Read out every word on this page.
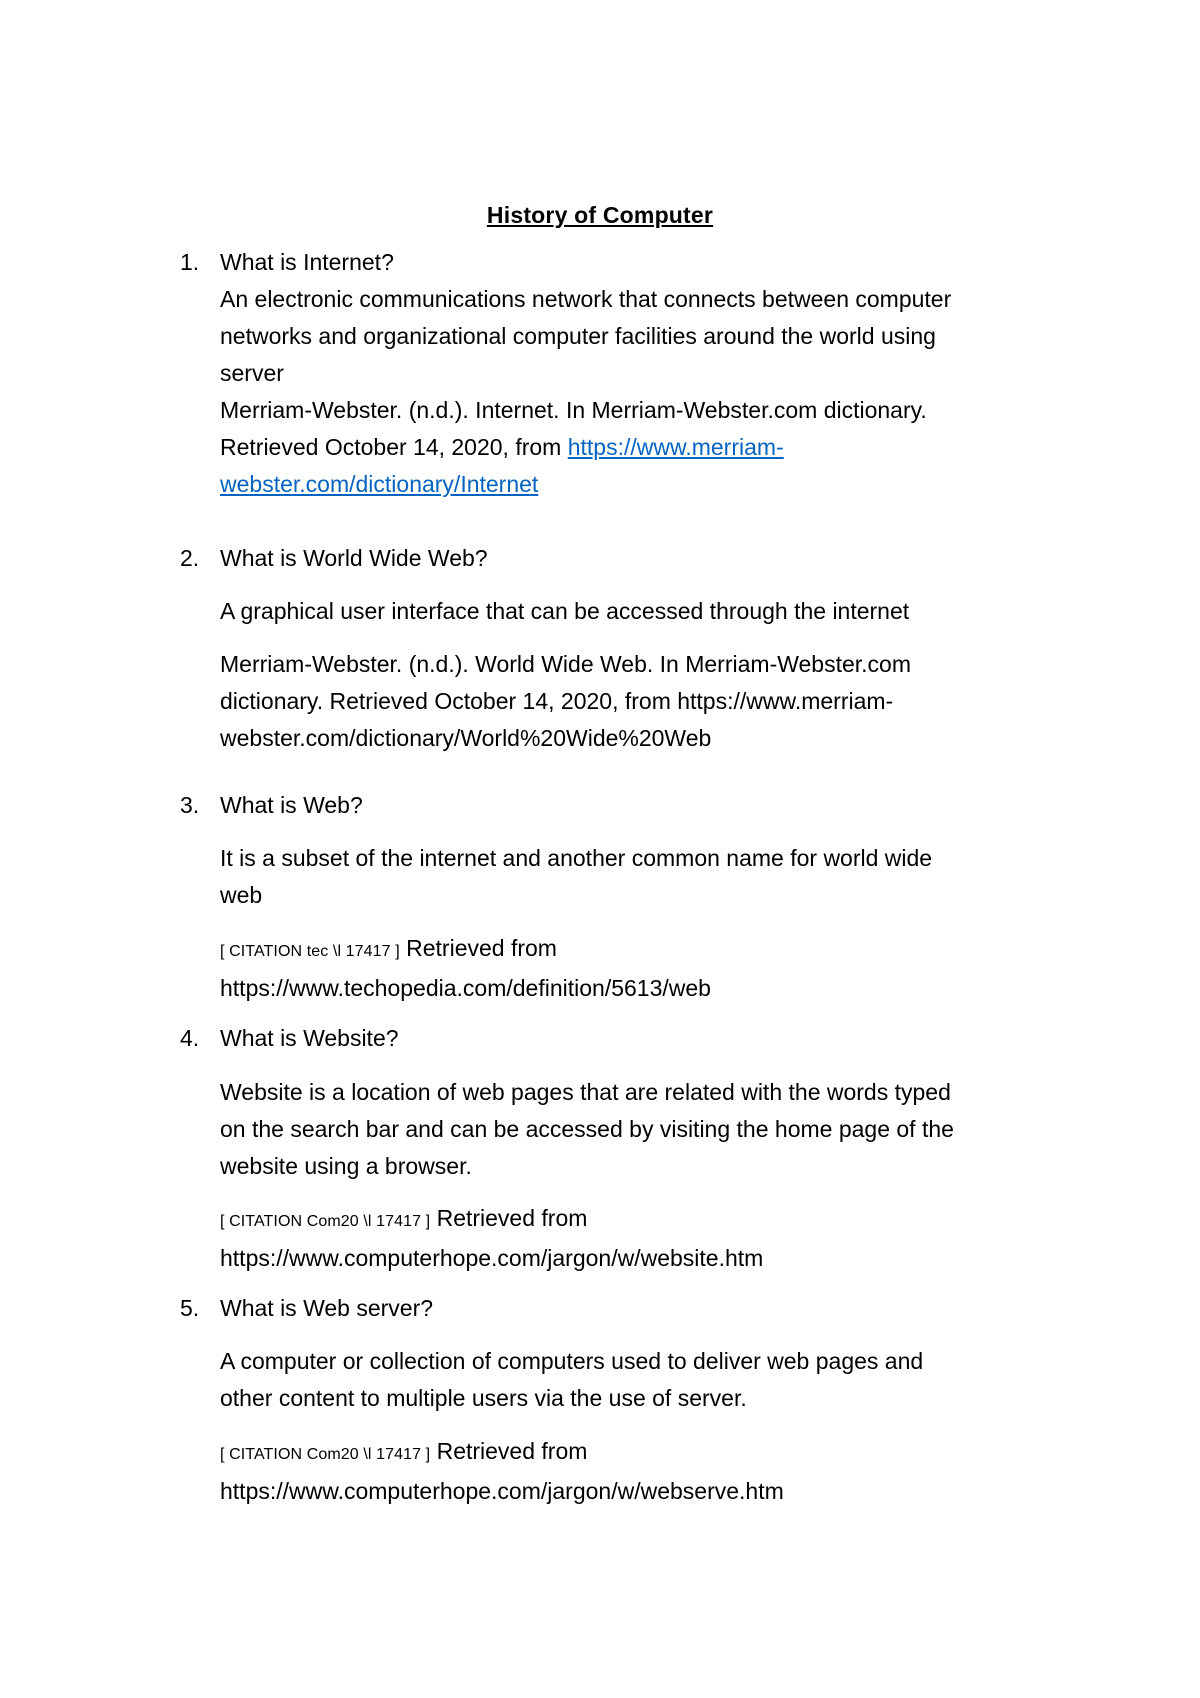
History of Computer
1. What is Internet?
An electronic communications network that connects between computer
networks and organizational computer facilities around the world using
server
Merriam-Webster. (n.d.). Internet. In Merriam-Webster.com dictionary.
Retrieved October 14, 2020, from https://www.merriam-
webster.com/dictionary/Internet
2. What is World Wide Web?
A graphical user interface that can be accessed through the internet
Merriam-Webster. (n.d.). World Wide Web. In Merriam-Webster.com
dictionary. Retrieved October 14, 2020, from https://www.merriam-
webster.com/dictionary/World%20Wide%20Web
3. What is Web?
It is a subset of the internet and another common name for world wide
web
[ CITATION tec \l 17417 ] Retrieved from
https://www.techopedia.com/definition/5613/web
4. What is Website?
Website is a location of web pages that are related with the words typed
on the search bar and can be accessed by visiting the home page of the
website using a browser.
[ CITATION Com20 \l 17417 ] Retrieved from
https://www.computerhope.com/jargon/w/website.htm
5. What is Web server?
A computer or collection of computers used to deliver web pages and
other content to multiple users via the use of server.
[ CITATION Com20 \l 17417 ] Retrieved from
https://www.computerhope.com/jargon/w/webserve.htm
